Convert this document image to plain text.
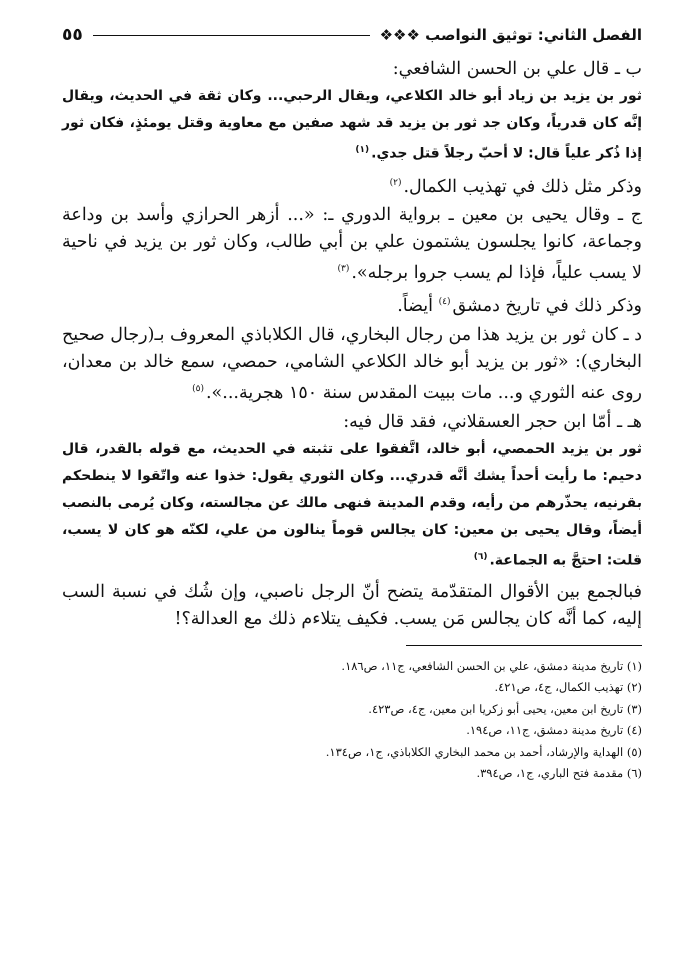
الفصل الثاني: توثيق النواصب ❖❖❖
٥٥

ب ـ قال علي بن الحسن الشافعي:

ثور بن يزيد بن زياد أبو خالد الكلاعي، ويقال الرحبي... وكان ثقة في الحديث، ويقال إنَّه كان قدرياً، وكان جد ثور بن يزيد قد شهد صفين مع معاوية وقتل يومئذٍ، فكان ثور إذا ذُكر علياً قال: لا أحبّ رجلاً قتل جدي.$^{(١)}$

وذكر مثل ذلك في تهذيب الكمال.$^{(٢)}$

ج ـ وقال يحيى بن معين ـ برواية الدوري ـ: «... أزهر الحرازي وأسد بن وداعة وجماعة، كانوا يجلسون يشتمون علي بن أبي طالب، وكان ثور بن يزيد في ناحية لا يسب علياً، فإذا لم يسب جروا برجله».$^{(٣)}$

وذكر ذلك في تاريخ دمشق$^{(٤)}$ أيضاً.

د ـ كان ثور بن يزيد هذا من رجال البخاري، قال الكلاباذي المعروف بـ(رجال صحيح البخاري): «ثور بن يزيد أبو خالد الكلاعي الشامي، حمصي، سمع خالد بن معدان، روى عنه الثوري و... مات ببيت المقدس سنة ١٥٠ هجرية...».$^{(٥)}$

هـ ـ أمّا ابن حجر العسقلاني، فقد قال فيه:

ثور بن يزيد الحمصي، أبو خالد، اتَّفقوا على تثبته في الحديث، مع قوله بالقدر، قال دحيم: ما رأيت أحداً يشك أنَّه قدري... وكان الثوري يقول: خذوا عنه واتّقوا لا ينطحكم بقرنيه، يحذّرهم من رأيه، وقدم المدينة فنهى مالك عن مجالسته، وكان يُرمى بالنصب أيضاً، وقال يحيى بن معين: كان يجالس قوماً ينالون من علي، لكنّه هو كان لا يسب، قلت: احتجَّ به الجماعة.$^{(٦)}$

فبالجمع بين الأقوال المتقدّمة يتضح أنّ الرجل ناصبي، وإن شُك في نسبة السب إليه، كما أنَّه كان يجالس مَن يسب. فكيف يتلاءم ذلك مع العدالة؟!

(١) تاريخ مدينة دمشق، علي بن الحسن الشافعي، ج١١، ص١٨٦.
(٢) تهذيب الكمال، ج٤، ص٤٢١.
(٣) تاريخ ابن معين، يحيى أبو زكريا ابن معين، ج٤، ص٤٢٣.
(٤) تاريخ مدينة دمشق، ج١١، ص١٩٤.
(٥) الهداية والإرشاد، أحمد بن محمد البخاري الكلاباذي، ج١، ص١٣٤.
(٦) مقدمة فتح الباري، ج١، ص٣٩٤.
